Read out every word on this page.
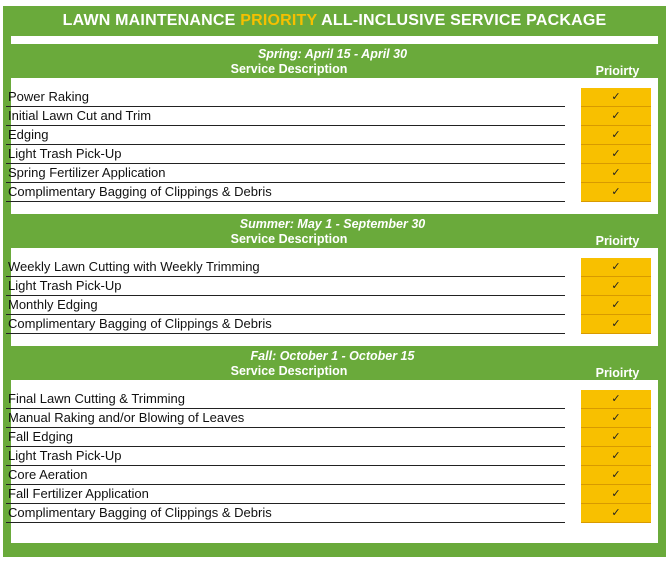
LAWN MAINTENANCE PRIORITY ALL-INCLUSIVE SERVICE PACKAGE
Spring: April 15 - April 30
Service Description	Prioirty
Power Raking	✓
Initial Lawn Cut and Trim	✓
Edging	✓
Light Trash Pick-Up	✓
Spring Fertilizer Application	✓
Complimentary Bagging of Clippings & Debris	✓
Summer: May 1 - September 30
Service Description	Prioirty
Weekly Lawn Cutting with Weekly Trimming	✓
Light Trash Pick-Up	✓
Monthly Edging	✓
Complimentary Bagging of Clippings & Debris	✓
Fall: October 1 - October 15
Service Description	Prioirty
Final Lawn Cutting & Trimming	✓
Manual Raking and/or Blowing of Leaves	✓
Fall Edging	✓
Light Trash Pick-Up	✓
Core Aeration	✓
Fall Fertilizer Application	✓
Complimentary Bagging of Clippings & Debris	✓
